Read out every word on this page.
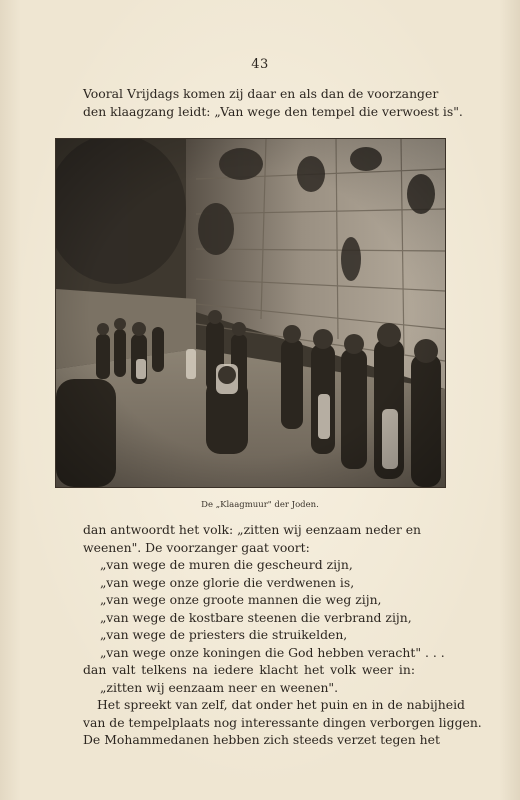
43
Vooral Vrijdags komen zij daar en als dan de voorzanger
den klaagzang leidt: „Van wege den tempel die verwoest is".
De „Klaagmuur" der Joden.
dan antwoordt het volk: „zitten wij eenzaam neder en
weenen". De voorzanger gaat voort:
„van wege de muren die gescheurd zijn,
„van wege onze glorie die verdwenen is,
„van wege onze groote mannen die weg zijn,
„van wege de kostbare steenen die verbrand zijn,
„van wege de priesters die struikelden,
„van wege onze koningen die God hebben veracht" . . .
dan valt telkens na iedere klacht het volk weer in:
„zitten wij eenzaam neer en weenen".
Het spreekt van zelf, dat onder het puin en in de nabijheid
van de tempelplaats nog interessante dingen verborgen liggen.
De Mohammedanen hebben zich steeds verzet tegen het
